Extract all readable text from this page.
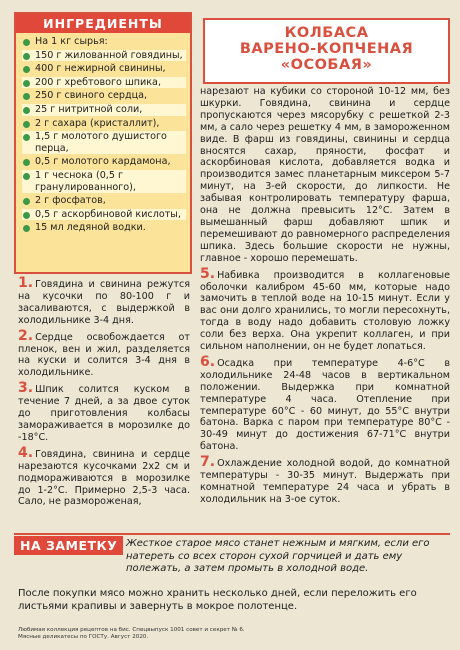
ИНГРЕДИЕНТЫ
На 1 кг сырья:
150 г жилованной говядины,
400 г нежирной свинины,
200 г хребтового шпика,
250 г свиного сердца,
25 г нитритной соли,
2 г сахара (кристаллит),
1,5 г молотого душистого перца,
0,5 г молотого кардамона,
1 г чеснока (0,5 г гранулированного),
2 г фосфатов,
0,5 г аскорбиновой кислоты,
15 мл ледяной водки.
КОЛБАСА
ВАРЕНО-КОПЧЕНАЯ
«ОСОБАЯ»

1. Говядина и свинина режутся на кусочки по 80-100 г и засаливаются, с выдержкой в холодильнике 3-4 дня.

2. Сердце освобождается от пленок, вен и жил, разделяется на куски и солится 3-4 дня в холодильнике.

3. Шпик солится куском в течение 7 дней, а за двое суток до приготовления колбасы замораживается в морозилке до -18°С.

4. Говядина, свинина и сердце нарезаются кусочками 2х2 см и подмораживаются в морозилке до 1-2°С. Примерно 2,5-3 часа. Сало, не размороженая,

нарезают на кубики со стороной 10-12 мм, без шкурки. Говядина, свинина и сердце пропускаются через мясорубку с решеткой 2-3 мм, а сало через решетку 4 мм, в замороженном виде. В фарш из говядины, свинины и сердца вносятся сахар, пряности, фосфат и аскорбиновая кислота, добавляется водка и производится замес планетарным миксером 5-7 минут, на 3-ей скорости, до липкости. Не забывая контролировать температуру фарша, она не должна превысить 12°С. Затем в вымешанный фарш добавляют шпик и перемешивают до равномерного распределения шпика. Здесь большие скорости не нужны, главное - хорошо перемешать.

5. Набивка производится в коллагеновые оболочки калибром 45-60 мм, которые надо замочить в теплой воде на 10-15 минут. Если у вас они долго хранились, то могли пересохнуть, тогда в воду надо добавить столовую ложку соли без верха. Она укрепит коллаген, и при сильном наполнении, он не будет лопаться.

6. Осадка при температуре 4-6°С в холодильнике 24-48 часов в вертикальном положении. Выдержка при комнатной температуре 4 часа. Отепление при температуре 60°С - 60 минут, до 55°С внутри батона. Варка с паром при температуре 80°С - 30-49 минут до достижения 67-71°С внутри батона.

7. Охлаждение холодной водой, до комнатной температуры - 30-35 минут. Выдержать при комнатной температуре 24 часа и убрать в холодильник на 3-ое суток.

НА ЗАМЕТКУ Жесткое старое мясо станет нежным и мягким, если его натереть со всех сторон сухой горчицей и дать ему полежать, а затем промыть в холодной воде.
После покупки мясо можно хранить несколько дней, если переложить его листьями крапивы и завернуть в мокрое полотенце.
Любимая коллекция рецептов на бис. Спецвыпуск 1001 совет и секрет № 6. Мясные деликатесы по ГОСТу. Август 2020.
